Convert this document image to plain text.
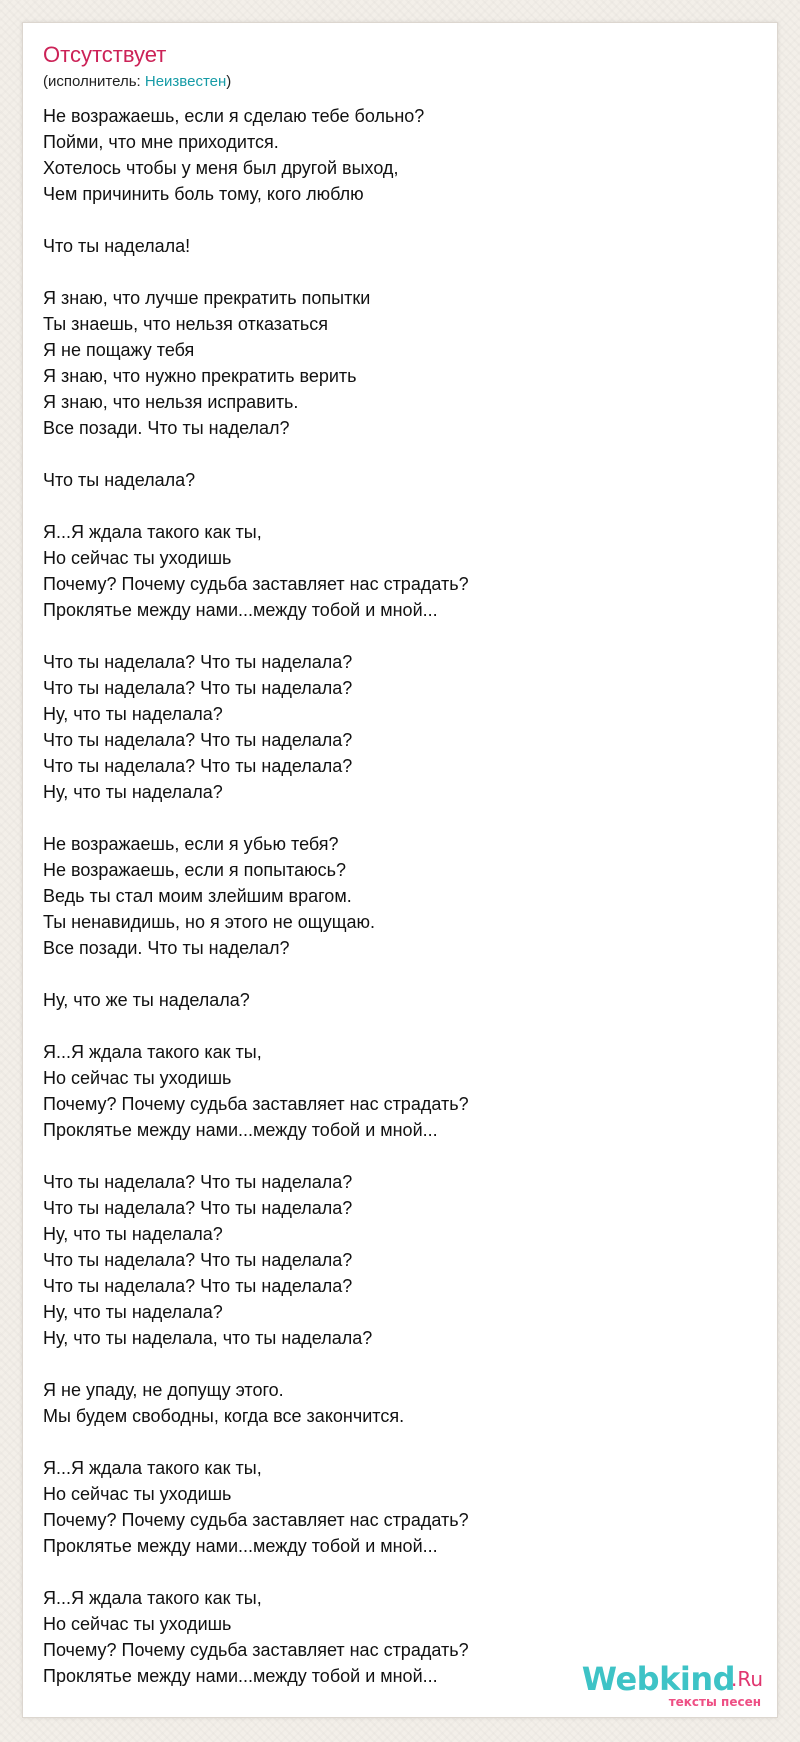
Отсутствует
(исполнитель: Неизвестен)
Не возражаешь, если я сделаю тебе больно?
Пойми, что мне приходится.
Хотелось чтобы у меня был другой выход,
Чем причинить боль тому, кого люблю
Что ты наделала!
Я знаю, что лучше прекратить попытки
Ты знаешь, что нельзя отказаться
Я не пощажу тебя
Я знаю, что нужно прекратить верить
Я знаю, что нельзя исправить.
Все позади. Что ты наделал?
Что ты наделала?
Я...Я ждала такого как ты,
Но сейчас ты уходишь
Почему? Почему судьба заставляет нас страдать?
Проклятье между нами...между тобой и мной...
Что ты наделала? Что ты наделала?
Что ты наделала? Что ты наделала?
Ну, что ты наделала?
Что ты наделала? Что ты наделала?
Что ты наделала? Что ты наделала?
Ну, что ты наделала?
Не возражаешь, если я убью тебя?
Не возражаешь, если я попытаюсь?
Ведь ты стал моим злейшим врагом.
Ты ненавидишь, но я этого не ощущаю.
Все позади. Что ты наделал?
Ну, что же ты наделала?
Я...Я ждала такого как ты,
Но сейчас ты уходишь
Почему? Почему судьба заставляет нас страдать?
Проклятье между нами...между тобой и мной...
Что ты наделала? Что ты наделала?
Что ты наделала? Что ты наделала?
Ну, что ты наделала?
Что ты наделала? Что ты наделала?
Что ты наделала? Что ты наделала?
Ну, что ты наделала?
Ну, что ты наделала, что ты наделала?
Я не упаду, не допущу этого.
Мы будем свободны, когда все закончится.
Я...Я ждала такого как ты,
Но сейчас ты уходишь
Почему? Почему судьба заставляет нас страдать?
Проклятье между нами...между тобой и мной...
Я...Я ждала такого как ты,
Но сейчас ты уходишь
Почему? Почему судьба заставляет нас страдать?
Проклятье между нами...между тобой и мной...	Webkind
.Ru
тексты песен
